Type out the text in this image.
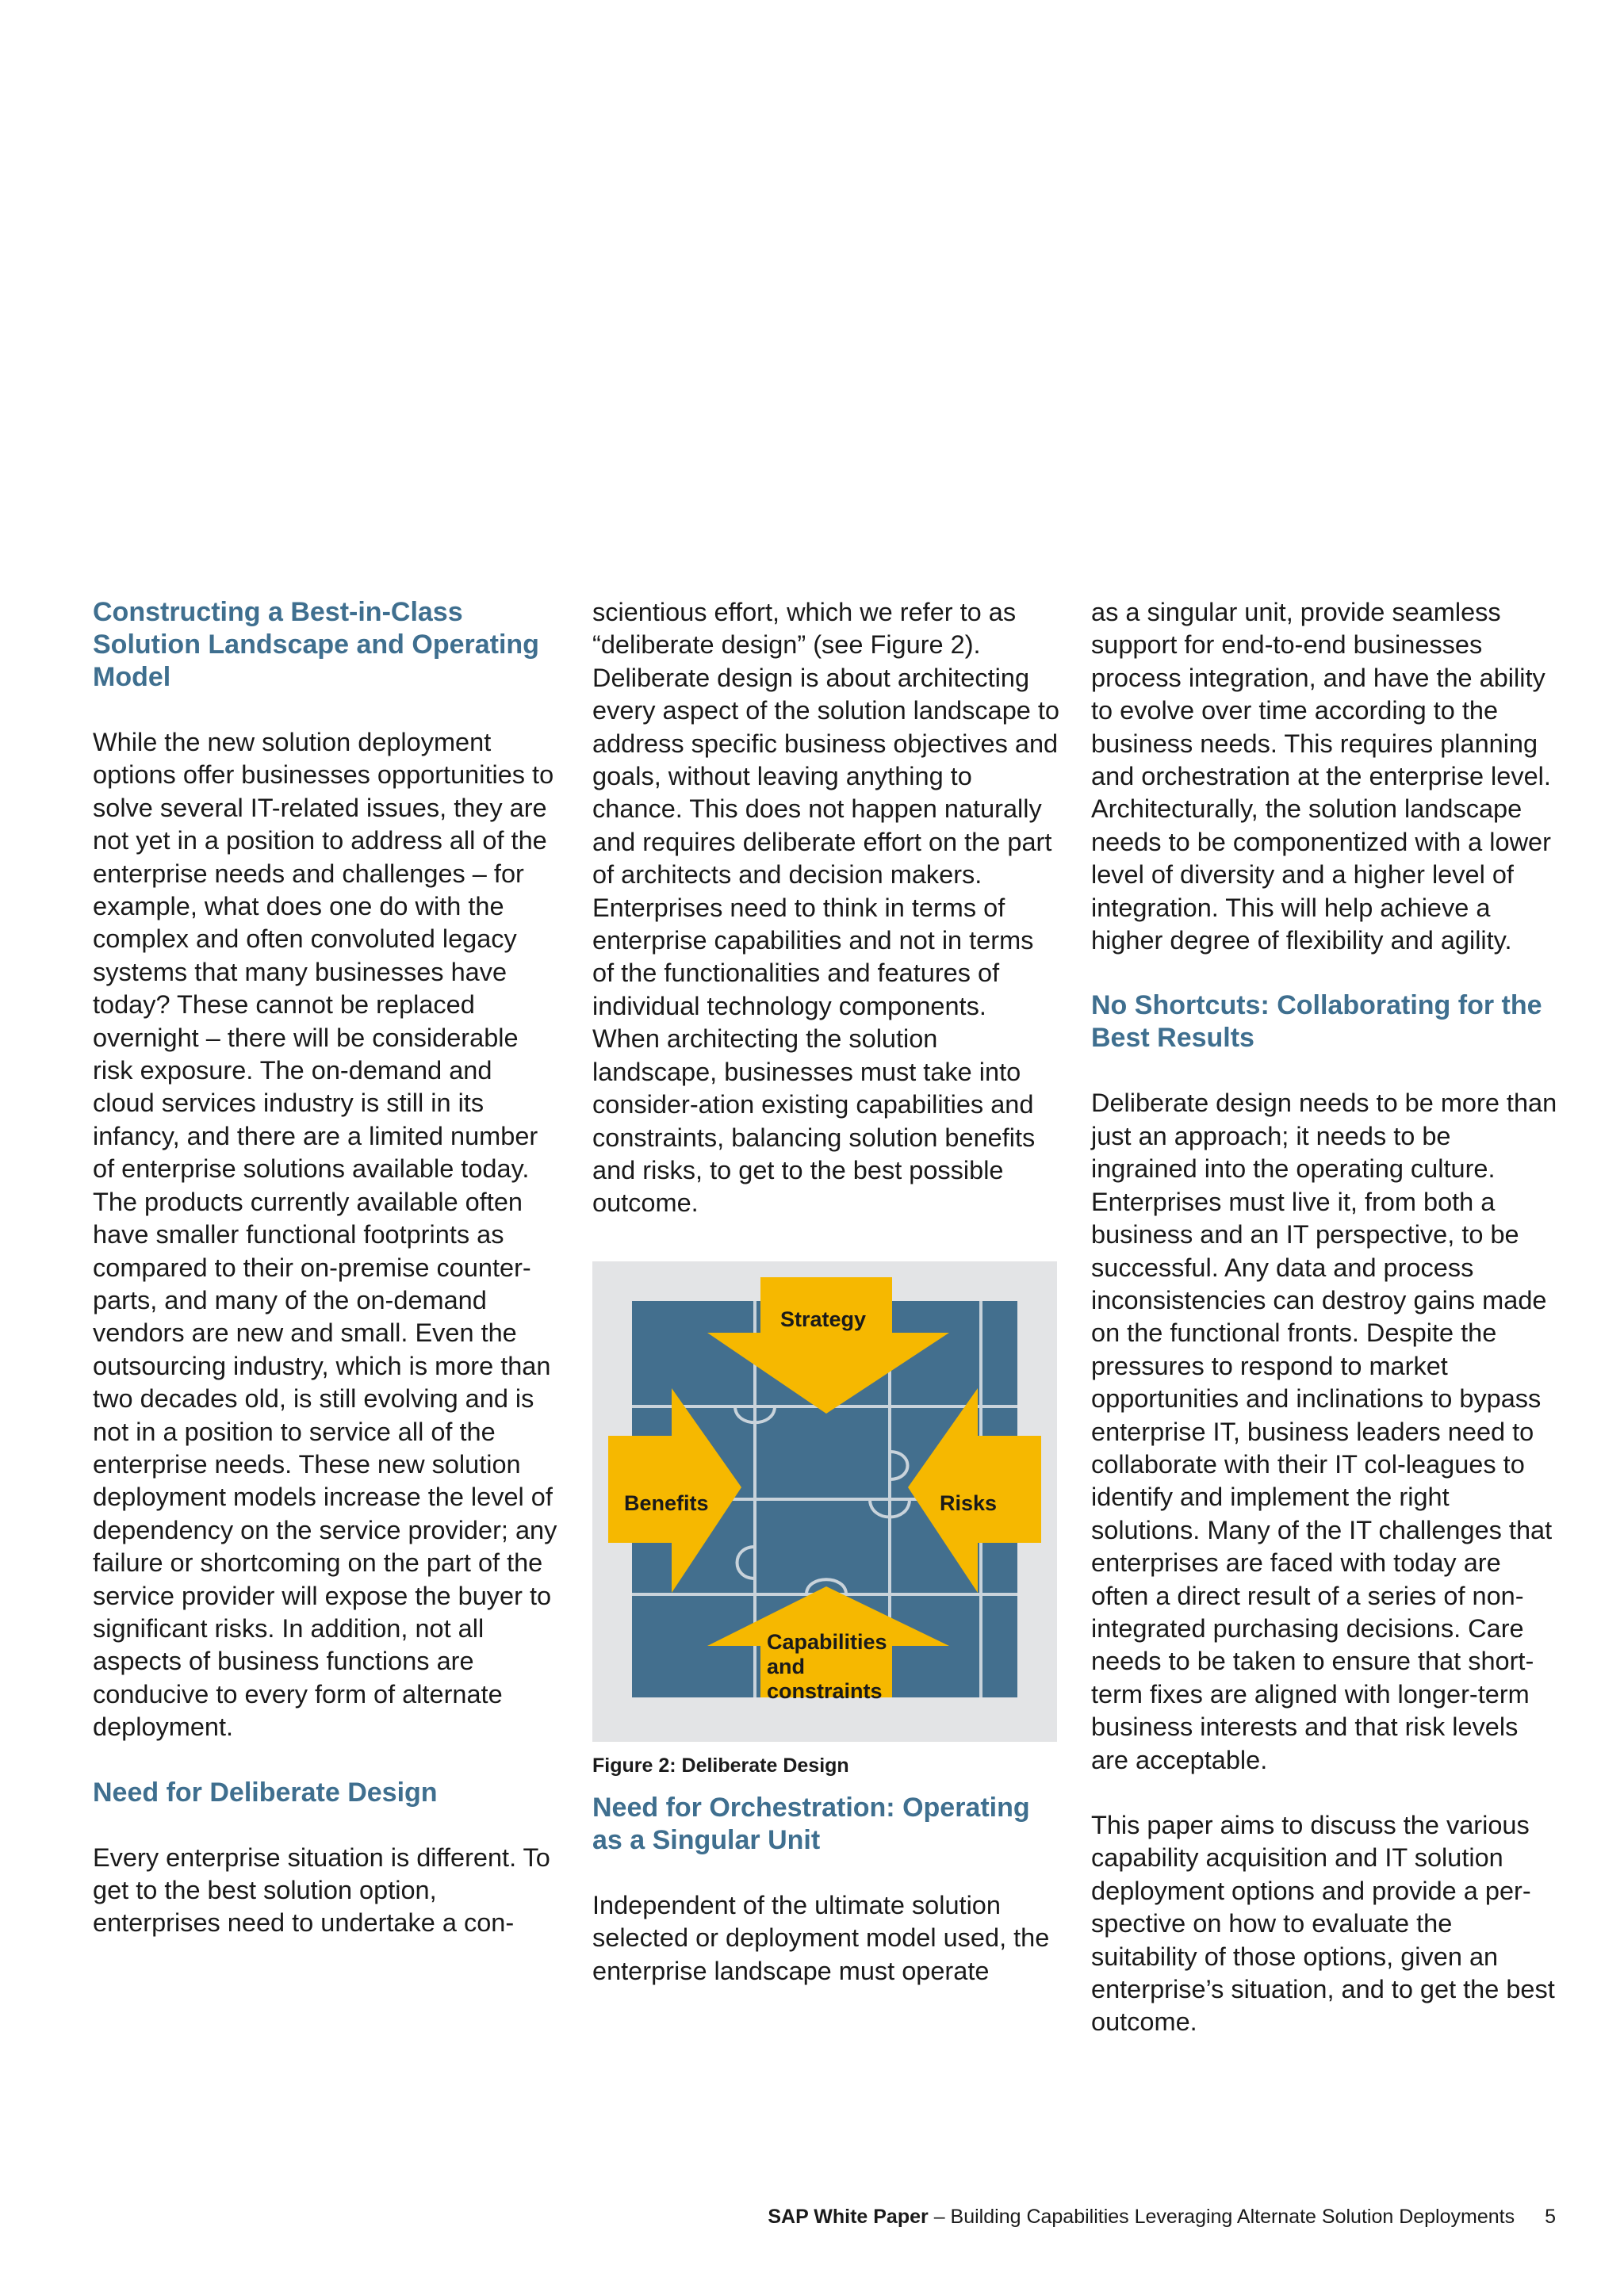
Constructing a Best-in-Class Solution Landscape and Operating Model

While the new solution deployment options offer businesses opportunities to solve several IT-related issues, they are not yet in a position to address all of the enterprise needs and challenges – for example, what does one do with the complex and often convoluted legacy systems that many businesses have today? These cannot be replaced overnight – there will be considerable risk exposure. The on-demand and cloud services industry is still in its infancy, and there are a limited number of enterprise solutions available today. The products currently available often have smaller functional footprints as compared to their on-premise counter-parts, and many of the on-demand vendors are new and small. Even the outsourcing industry, which is more than two decades old, is still evolving and is not in a position to service all of the enterprise needs. These new solution deployment models increase the level of dependency on the service provider; any failure or shortcoming on the part of the service provider will expose the buyer to significant risks. In addition, not all aspects of business functions are conducive to every form of alternate deployment.

Need for Deliberate Design

Every enterprise situation is different. To get to the best solution option, enterprises need to undertake a con-

scientious effort, which we refer to as “deliberate design” (see Figure 2). Deliberate design is about architecting every aspect of the solution landscape to address specific business objectives and goals, without leaving anything to chance. This does not happen naturally and requires deliberate effort on the part of architects and decision makers. Enterprises need to think in terms of enterprise capabilities and not in terms of the functionalities and features of individual technology components. When architecting the solution landscape, businesses must take into consider-ation existing capabilities and constraints, balancing solution benefits and risks, to get to the best possible outcome.

Strategy
Benefits	Risks
Capabilities and constraints
Figure 2: Deliberate Design
Need for Orchestration: Operating as a Singular Unit

Independent of the ultimate solution selected or deployment model used, the enterprise landscape must operate

as a singular unit, provide seamless support for end-to-end businesses process integration, and have the ability to evolve over time according to the business needs. This requires planning and orchestration at the enterprise level. Architecturally, the solution landscape needs to be componentized with a lower level of diversity and a higher level of integration. This will help achieve a higher degree of flexibility and agility.

No Shortcuts: Collaborating for the Best Results

Deliberate design needs to be more than just an approach; it needs to be ingrained into the operating culture. Enterprises must live it, from both a business and an IT perspective, to be successful. Any data and process inconsistencies can destroy gains made on the functional fronts. Despite the pressures to respond to market opportunities and inclinations to bypass enterprise IT, business leaders need to collaborate with their IT col-leagues to identify and implement the right solutions. Many of the IT challenges that enterprises are faced with today are often a direct result of a series of non-integrated purchasing decisions. Care needs to be taken to ensure that short-term fixes are aligned with longer-term business interests and that risk levels are acceptable.

This paper aims to discuss the various capability acquisition and IT solution deployment options and provide a per-spective on how to evaluate the suitability of those options, given an enterprise’s situation, and to get the best outcome.

SAP White Paper – Building Capabilities Leveraging Alternate Solution Deployments 5
